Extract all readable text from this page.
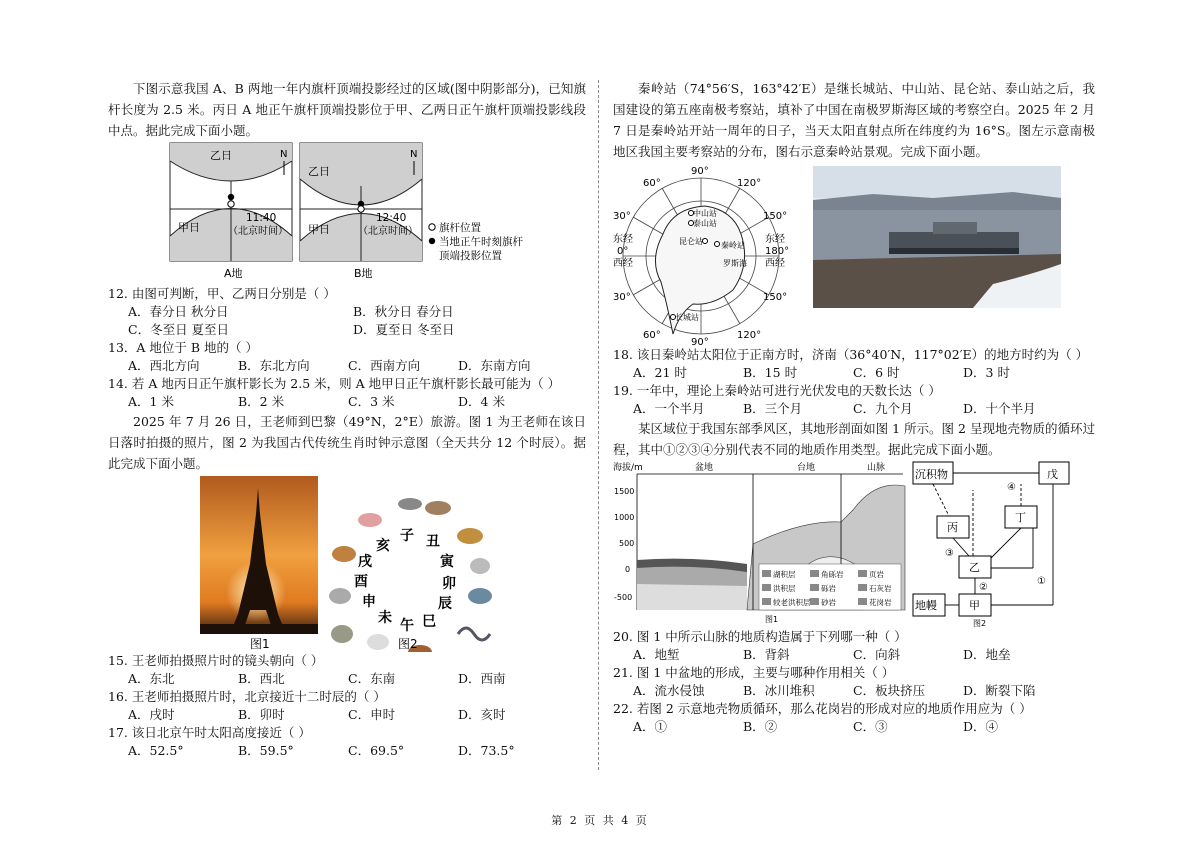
下图示意我国 A、B 两地一年内旗杆顶端投影经过的区域(图中阴影部分)，已知旗杆长度为 2.5 米。丙日 A 地正午旗杆顶端投影位于甲、乙两日正午旗杆顶端投影线段中点。据此完成下面小题。

乙日
甲日
11:40
（北京时间）
N
A地
乙日
甲日
12:40
（北京时间）
N
B地
旗杆位置
当地正午时刻旗杆
顶端投影位置

12. 由图可判断，甲、乙两日分别是（ ）

A．春分日 秋分日	B．秋分日 春分日
C．冬至日 夏至日	D．夏至日 冬至日

13．A 地位于 B 地的（ ）

A．西北方向	B．东北方向	C．西南方向	D．东南方向

14. 若 A 地丙日正午旗杆影长为 2.5 米，则 A 地甲日正午旗杆影长最可能为（ ）

A．1 米	B．2 米	C．3 米	D．4 米

2025 年 7 月 26 日，王老师到巴黎（49°N，2°E）旅游。图 1 为王老师在该日日落时拍摄的照片，图 2 为我国古代传统生肖时钟示意图（全天共分 12 个时辰）。据此完成下面小题。

图1
亥
子 丑
寅
卯
辰
巳
午
未
申
酉
戌
图2

15. 王老师拍摄照片时的镜头朝向（ ）

A．东北	B．西北	C．东南	D．西南

16. 王老师拍摄照片时，北京接近十二时辰的（ ）

A．戌时	B．卯时	C．申时	D．亥时

17. 该日北京午时太阳高度接近（ ）

A．52.5°	B．59.5°	C．69.5°	D．73.5°

秦岭站（74°56′S，163°42′E）是继长城站、中山站、昆仑站、泰山站之后，我国建设的第五座南极考察站，填补了中国在南极罗斯海区域的考察空白。2025 年 2 月 7 日是秦岭站开站一周年的日子，当天太阳直射点所在纬度约为 16°S。图左示意南极地区我国主要考察站的分布，图右示意秦岭站景观。完成下面小题。

90°
90°
60°	120°
60°	120°
30°	150°
30°	150°
东经
0°
西经
东经
180°
西经
中山站
泰山站
昆仑站 秦岭站
罗斯海
长城站

18. 该日秦岭站太阳位于正南方时，济南（36°40′N，117°02′E）的地方时约为（ ）

A．21 时	B．15 时	C．6 时	D．3 时

19. 一年中，理论上秦岭站可进行光伏发电的天数长达（ ）

A．一个半月	B．三个月	C．九个月	D．十个半月

某区域位于我国东部季风区，其地形剖面如图 1 所示。图 2 呈现地壳物质的循环过程，其中①②③④分别代表不同的地质作用类型。据此完成下面小题。

海拔/m	盆地	台地	山脉
1500
1000
500
0
-500
湖积层	角砾岩	页岩
洪积层	砾岩	石灰岩
较老洪积层 砂岩	花岗岩
图1
沉积物	戊
丙
丁
乙
甲
地幔
④
③
②
①
图2

20. 图 1 中所示山脉的地质构造属于下列哪一种（ ）

A．地堑	B．背斜	C．向斜	D．地垒

21. 图 1 中盆地的形成，主要与哪种作用相关（ ）

A．流水侵蚀	B．冰川堆积	C．板块挤压	D．断裂下陷

22. 若图 2 示意地壳物质循环，那么花岗岩的形成对应的地质作用应为（ ）

A．①	B．②	C．③	D．④
第 2 页 共 4 页
